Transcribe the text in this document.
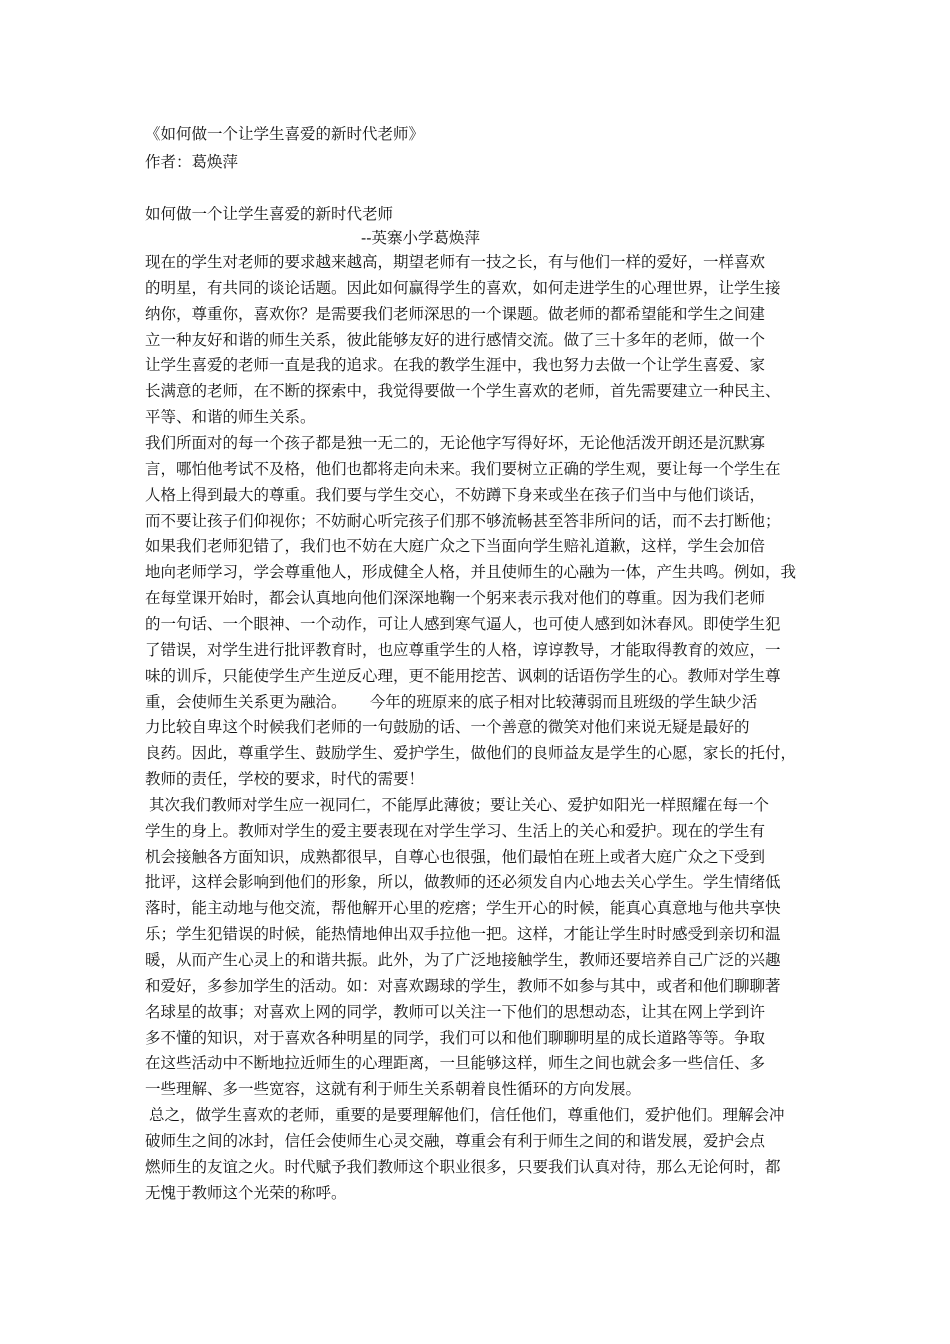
《如何做一个让学生喜爱的新时代老师》
作者：葛焕萍
如何做一个让学生喜爱的新时代老师
--英寨小学葛焕萍
现在的学生对老师的要求越来越高，期望老师有一技之长，有与他们一样的爱好，一样喜欢
的明星，有共同的谈论话题。因此如何赢得学生的喜欢，如何走进学生的心理世界，让学生接
纳你，尊重你，喜欢你？是需要我们老师深思的一个课题。做老师的都希望能和学生之间建
立一种友好和谐的师生关系，彼此能够友好的进行感情交流。做了三十多年的老师，做一个
让学生喜爱的老师一直是我的追求。在我的教学生涯中，我也努力去做一个让学生喜爱、家
长满意的老师，在不断的探索中，我觉得要做一个学生喜欢的老师，首先需要建立一种民主、
平等、和谐的师生关系。
我们所面对的每一个孩子都是独一无二的，无论他字写得好坏，无论他活泼开朗还是沉默寡
言，哪怕他考试不及格，他们也都将走向未来。我们要树立正确的学生观，要让每一个学生在
人格上得到最大的尊重。我们要与学生交心，不妨蹲下身来或坐在孩子们当中与他们谈话，
而不要让孩子们仰视你；不妨耐心听完孩子们那不够流畅甚至答非所问的话，而不去打断他；
如果我们老师犯错了，我们也不妨在大庭广众之下当面向学生赔礼道歉，这样，学生会加倍
地向老师学习，学会尊重他人，形成健全人格，并且使师生的心融为一体，产生共鸣。例如，我
在每堂课开始时，都会认真地向他们深深地鞠一个躬来表示我对他们的尊重。因为我们老师
的一句话、一个眼神、一个动作，可让人感到寒气逼人，也可使人感到如沐春风。即使学生犯
了错误，对学生进行批评教育时，也应尊重学生的人格，谆谆教导，才能取得教育的效应，一
味的训斥，只能使学生产生逆反心理，更不能用挖苦、讽刺的话语伤学生的心。教师对学生尊
重，会使师生关系更为融洽。　　今年的班原来的底子相对比较薄弱而且班级的学生缺少活
力比较自卑这个时候我们老师的一句鼓励的话、一个善意的微笑对他们来说无疑是最好的
良药。因此，尊重学生、鼓励学生、爱护学生，做他们的良师益友是学生的心愿，家长的托付，
教师的责任，学校的要求，时代的需要！
其次我们教师对学生应一视同仁，不能厚此薄彼；要让关心、爱护如阳光一样照耀在每一个
学生的身上。教师对学生的爱主要表现在对学生学习、生活上的关心和爱护。现在的学生有
机会接触各方面知识，成熟都很早，自尊心也很强，他们最怕在班上或者大庭广众之下受到
批评，这样会影响到他们的形象，所以，做教师的还必须发自内心地去关心学生。学生情绪低
落时，能主动地与他交流，帮他解开心里的疙瘩；学生开心的时候，能真心真意地与他共享快
乐；学生犯错误的时候，能热情地伸出双手拉他一把。这样，才能让学生时时感受到亲切和温
暖，从而产生心灵上的和谐共振。此外，为了广泛地接触学生，教师还要培养自己广泛的兴趣
和爱好，多参加学生的活动。如：对喜欢踢球的学生，教师不如参与其中，或者和他们聊聊著
名球星的故事；对喜欢上网的同学，教师可以关注一下他们的思想动态，让其在网上学到许
多不懂的知识，对于喜欢各种明星的同学，我们可以和他们聊聊明星的成长道路等等。争取
在这些活动中不断地拉近师生的心理距离，一旦能够这样，师生之间也就会多一些信任、多
一些理解、多一些宽容，这就有利于师生关系朝着良性循环的方向发展。
总之，做学生喜欢的老师，重要的是要理解他们，信任他们，尊重他们，爱护他们。理解会冲
破师生之间的冰封，信任会使师生心灵交融，尊重会有利于师生之间的和谐发展，爱护会点
燃师生的友谊之火。时代赋予我们教师这个职业很多，只要我们认真对待，那么无论何时，都
无愧于教师这个光荣的称呼。
